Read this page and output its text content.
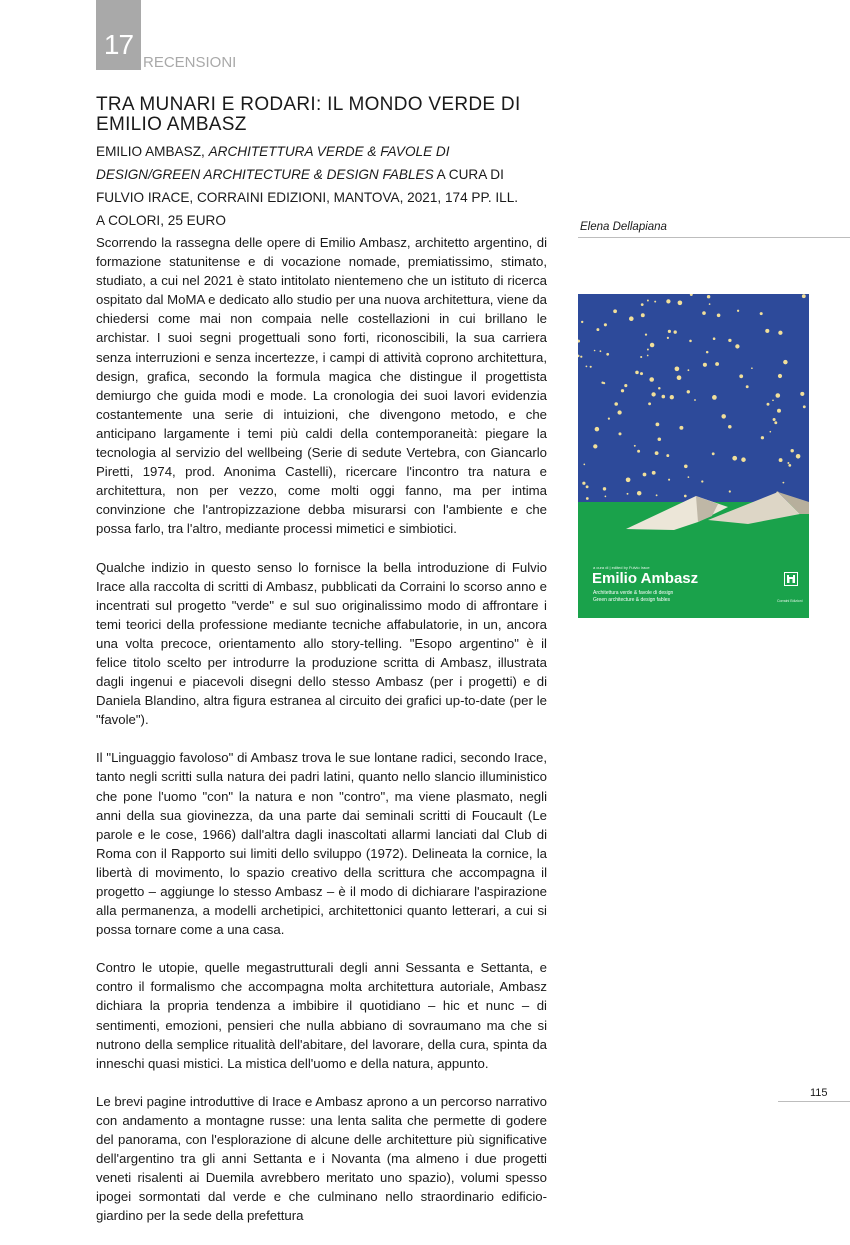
17
RECENSIONI
TRA MUNARI E RODARI: IL MONDO VERDE DI EMILIO AMBASZ

EMILIO AMBASZ, ARCHITETTURA VERDE & FAVOLE DI DESIGN/GREEN ARCHITECTURE & DESIGN FABLES A CURA DI FULVIO IRACE, CORRAINI EDIZIONI, MANTOVA, 2021, 174 PP. ILL. A COLORI, 25 EURO	Elena Dellapiana

Scorrendo la rassegna delle opere di Emilio Ambasz, architetto argentino, di formazione statunitense e di vocazione nomade, premiatissimo, stimato, studiato, a cui nel 2021 è stato intitolato nientemeno che un istituto di ricerca ospitato dal MoMA e dedicato allo studio per una nuova architettura, viene da chiedersi come mai non compaia nelle costellazioni in cui brillano le archistar. I suoi segni progettuali sono forti, riconoscibili, la sua carriera senza interruzioni e senza incertezze, i campi di attività coprono architettura, design, grafica, secondo la formula magica che distingue il progettista demiurgo che guida modi e mode. La cronologia dei suoi lavori evidenzia costantemente una serie di intuizioni, che divengono metodo, e che anticipano largamente i temi più caldi della contemporaneità: piegare la tecnologia al servizio del wellbeing (Serie di sedute Vertebra, con Giancarlo Piretti, 1974, prod. Anonima Castelli), ricercare l'incontro tra natura e architettura, non per vezzo, come molti oggi fanno, ma per intima convinzione che l'antropizzazione debba misurarsi con l'ambiente e che possa farlo, tra l'altro, mediante processi mimetici e simbiotici.

Qualche indizio in questo senso lo fornisce la bella introduzione di Fulvio Irace alla raccolta di scritti di Ambasz, pubblicati da Corraini lo scorso anno e incentrati sul progetto "verde" e sul suo originalissimo modo di affrontare i temi teorici della professione mediante tecniche affabulatorie, in un, ancora una volta precoce, orientamento allo story-telling. "Esopo argentino" è il felice titolo scelto per introdurre la produzione scritta di Ambasz, illustrata dagli ingenui e piacevoli disegni dello stesso Ambasz (per i progetti) e di Daniela Blandino, altra figura estranea al circuito dei grafici up-to-date (per le "favole").

Il "Linguaggio favoloso" di Ambasz trova le sue lontane radici, secondo Irace, tanto negli scritti sulla natura dei padri latini, quanto nello slancio illuministico che pone l'uomo "con" la natura e non "contro", ma viene plasmato, negli anni della sua giovinezza, da una parte dai seminali scritti di Foucault (Le parole e le cose, 1966) dall'altra dagli inascoltati allarmi lanciati dal Club di Roma con il Rapporto sui limiti dello sviluppo (1972). Delineata la cornice, la libertà di movimento, lo spazio creativo della scrittura che accompagna il progetto – aggiunge lo stesso Ambasz – è il modo di dichiarare l'aspirazione alla permanenza, a modelli archetipici, architettonici quanto letterari, a cui si possa tornare come a una casa.

Contro le utopie, quelle megastrutturali degli anni Sessanta e Settanta, e contro il formalismo che accompagna molta architettura autoriale, Ambasz dichiara la propria tendenza a imbibire il quotidiano – hic et nunc – di sentimenti, emozioni, pensieri che nulla abbiano di sovraumano ma che si nutrono della semplice ritualità dell'abitare, del lavorare, della cura, spinta da inneschi quasi mistici. La mistica dell'uomo e della natura, appunto.

Le brevi pagine introduttive di Irace e Ambasz aprono a un percorso narrativo con andamento a montagne russe: una lenta salita che permette di godere del panorama, con l'esplorazione di alcune delle architetture più significative dell'argentino tra gli anni Settanta e i Novanta (ma almeno i due progetti veneti risalenti ai Duemila avrebbero meritato uno spazio), volumi spesso ipogei sormontati dal verde e che culminano nello straordinario edificio-giardino per la sede della prefettura

a cura di | edited by Fulvio Irace
Emilio Ambasz
Architettura verde & favole di design
Green architecture & design fables	Corraini Edizioni
115
